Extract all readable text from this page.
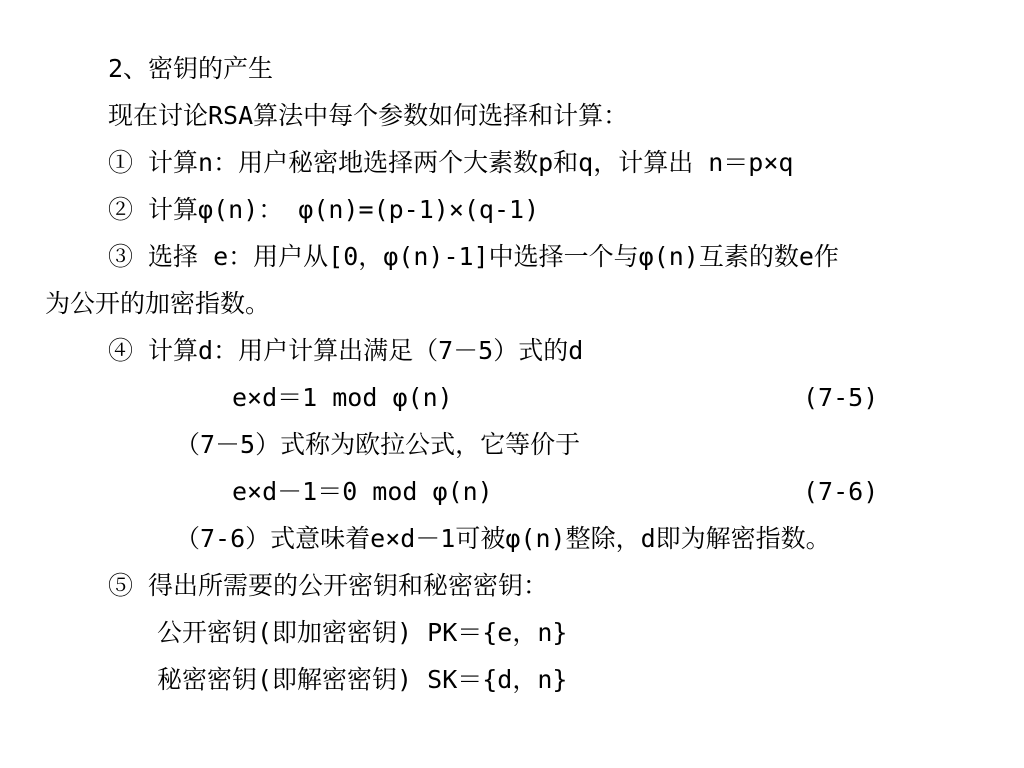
2、密钥的产生
现在讨论RSA算法中每个参数如何选择和计算：
① 计算n：用户秘密地选择两个大素数p和q，计算出 n＝p×q
② 计算φ(n)： φ(n)=(p-1)×(q-1)
③ 选择 e：用户从[0，φ(n)-1]中选择一个与φ(n)互素的数e作
为公开的加密指数。
④ 计算d：用户计算出满足（7－5）式的d
e×d＝1 mod φ(n)	(7-5)
（7－5）式称为欧拉公式，它等价于
e×d－1＝0 mod φ(n)	(7-6)
（7-6）式意味着e×d－1可被φ(n)整除，d即为解密指数。
⑤ 得出所需要的公开密钥和秘密密钥：
公开密钥(即加密密钥) PK＝{e，n}
秘密密钥(即解密密钥) SK＝{d，n}
